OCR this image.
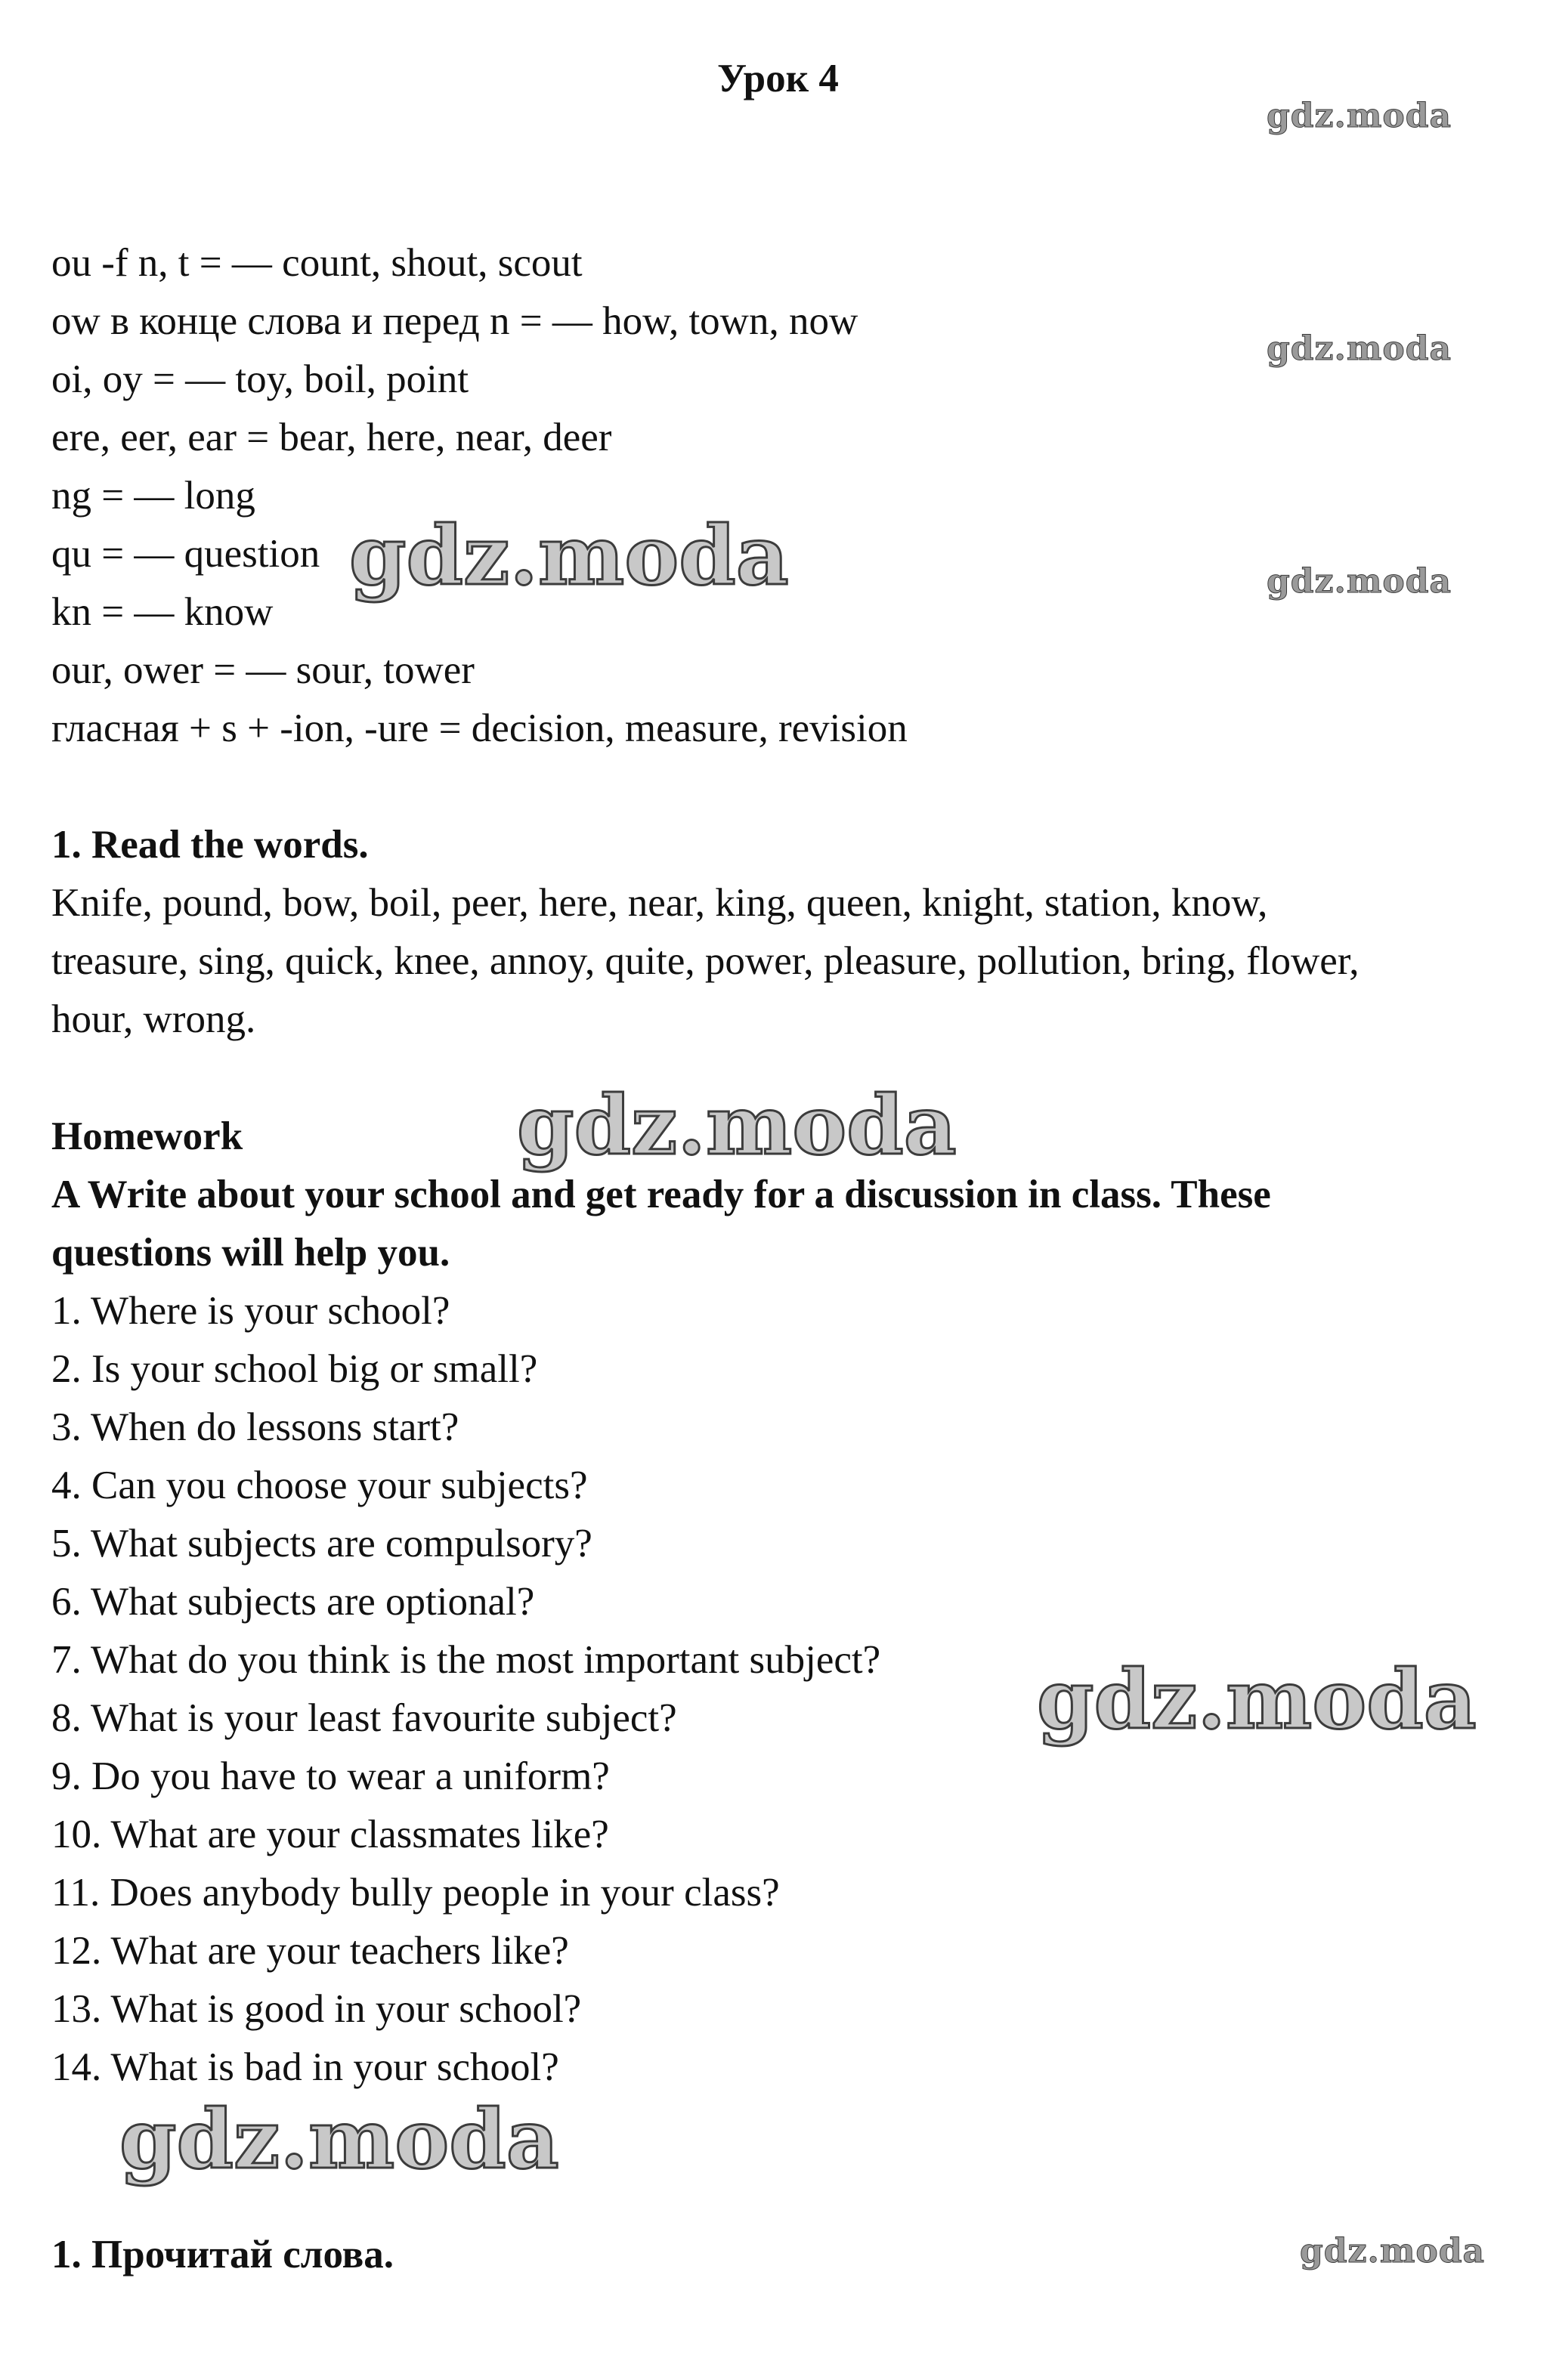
Урок 4

ou -f n, t = — count, shout, scout

ow в конце слова и перед n = — how, town, now

oi, oy = — toy, boil, point

ere, eer, ear = bear, here, near, deer

ng = — long

qu = — question

kn = — know

our, ower = — sour, tower

гласная + s + -ion, -ure = decision, measure, revision

1. Read the words.

Knife, pound, bow, boil, peer, here, near, king, queen, knight, station, know,

treasure, sing, quick, knee, annoy, quite, power, pleasure, pollution, bring, flower,

hour, wrong.

Homework

A Write about your school and get ready for a discussion in class. These

questions will help you.

1. Where is your school?

2. Is your school big or small?

3. When do lessons start?

4. Can you choose your subjects?

5. What subjects are compulsory?

6. What subjects are optional?

7. What do you think is the most important subject?

8. What is your least favourite subject?

9. Do you have to wear a uniform?

10. What are your classmates like?

11. Does anybody bully people in your class?

12. What are your teachers like?

13. What is good in your school?

14. What is bad in your school?

1. Прочитай слова.

gdz.moda
gdz.moda
gdz.moda
gdz.moda
gdz.moda
gdz.moda
gdz.moda
gdz.moda
